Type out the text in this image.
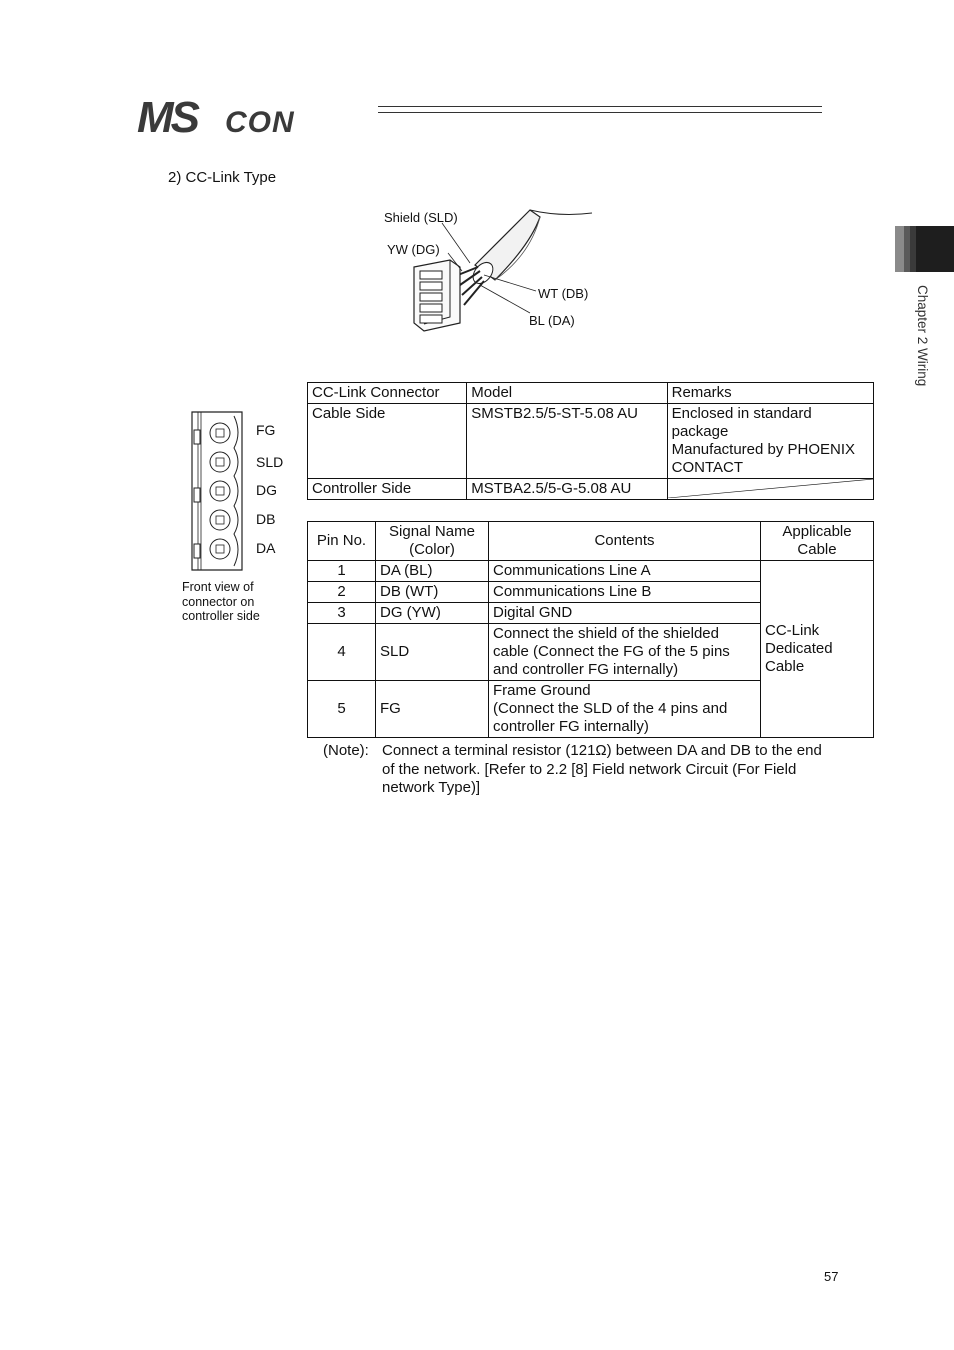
MS CON
2) CC-Link Type
Shield (SLD)
YW (DG)
WT (DB)
BL (DA)
FG
SLD
DG
DB
DA
Front view of
connector on
controller side
CC-Link Connector	Model	Remarks
Cable Side	SMSTB2.5/5-ST-5.08 AU	Enclosed in standard package
Manufactured by PHOENIX CONTACT

Controller Side	MSTBA2.5/5-G-5.08 AU	
Pin No.	Signal Name (Color)	Contents	Applicable Cable
1	DA (BL)	Communications Line A	CC-Link Dedicated Cable
2	DB (WT)	Communications Line B	
3	DG (YW)	Digital GND	
4	SLD	Connect the shield of the shielded cable (Connect the FG of the 5 pins and controller FG internally)	
5	FG	Frame Ground
(Connect the SLD of the 4 pins and controller FG internally)	
(Note): Connect a terminal resistor (121Ω) between DA and DB to the end of the network. [Refer to 2.2 [8] Field network Circuit (For Field network Type)]
Chapter 2 Wiring
57
